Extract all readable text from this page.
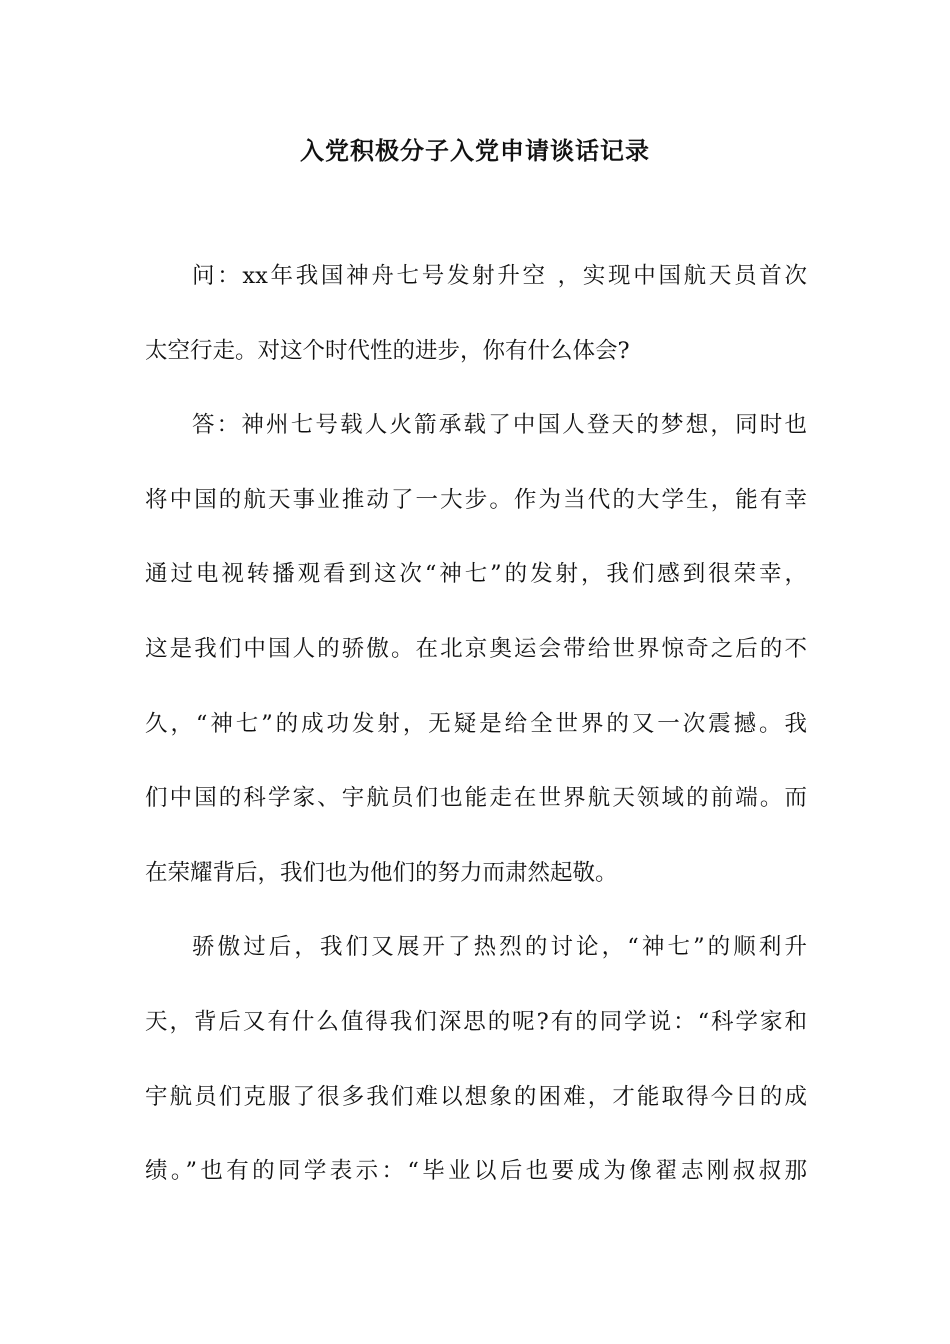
入党积极分子入党申请谈话记录
问：xx年我国神舟七号发射升空 ，实现中国航天员首次
太空行走。对这个时代性的进步，你有什么体会?
答：神州七号载人火箭承载了中国人登天的梦想，同时也
将中国的航天事业推动了一大步。作为当代的大学生，能有幸
通过电视转播观看到这次“神七”的发射，我们感到很荣幸，
这是我们中国人的骄傲。在北京奥运会带给世界惊奇之后的不
久，“神七”的成功发射，无疑是给全世界的又一次震撼。我
们中国的科学家、宇航员们也能走在世界航天领域的前端。而
在荣耀背后，我们也为他们的努力而肃然起敬。
骄傲过后，我们又展开了热烈的讨论，“神七”的顺利升
天，背后又有什么值得我们深思的呢?有的同学说：“科学家和
宇航员们克服了很多我们难以想象的困难，才能取得今日的成
绩。”也有的同学表示：“毕业以后也要成为像翟志刚叔叔那
